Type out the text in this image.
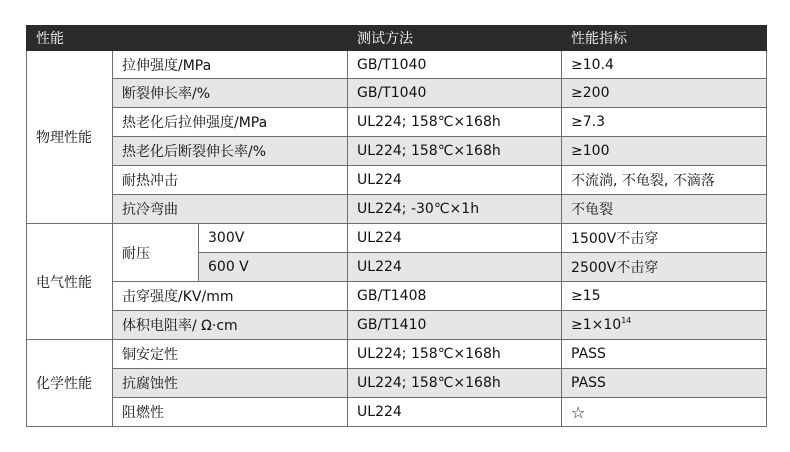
性能			测试方法	性能指标
物理性能	拉伸强度/MPa		GB/T1040	≥10.4
	断裂伸长率/%		GB/T1040	≥200
	热老化后拉伸强度/MPa		UL224; 158℃×168h	≥7.3
	热老化后断裂伸长率/%		UL224; 158℃×168h	≥100
	耐热冲击		UL224	不流淌, 不龟裂, 不滴落
	抗冷弯曲		UL224; -30℃×1h	不龟裂
电气性能	耐压	300V	UL224	1500V不击穿
		600 V	UL224	2500V不击穿
	击穿强度/KV/mm		GB/T1408	≥15
	体积电阻率/ Ω·cm		GB/T1410	$\ge 1\times 10^{14}$
化学性能	铜安定性		UL224; 158℃×168h	PASS
	抗腐蚀性		UL224; 158℃×168h	PASS
	阻燃性		UL224	☆
